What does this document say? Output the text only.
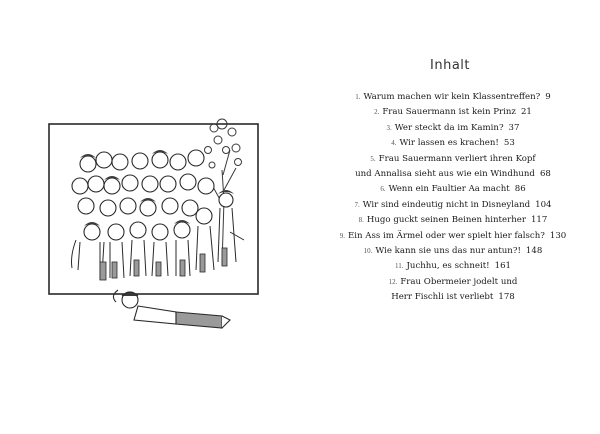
Inhalt
1. Warum machen wir kein Klassentreffen? 9
2. Frau Sauermann ist kein Prinz 21
3. Wer steckt da im Kamin? 37
4. Wir lassen es krachen! 53
5. Frau Sauermann verliert ihren Kopf
und Annalisa sieht aus wie ein Windhund 68
6. Wenn ein Faultier Aa macht 86
7. Wir sind eindeutig nicht in Disneyland 104
8. Hugo guckt seinen Beinen hinterher 117
9. Ein Ass im Ärmel oder wer spielt hier falsch? 130
10. Wie kann sie uns das nur antun?! 148
11. Juchhu, es schneit! 161
12. Frau Obermeier jodelt und
Herr Fischli ist verliebt 178
